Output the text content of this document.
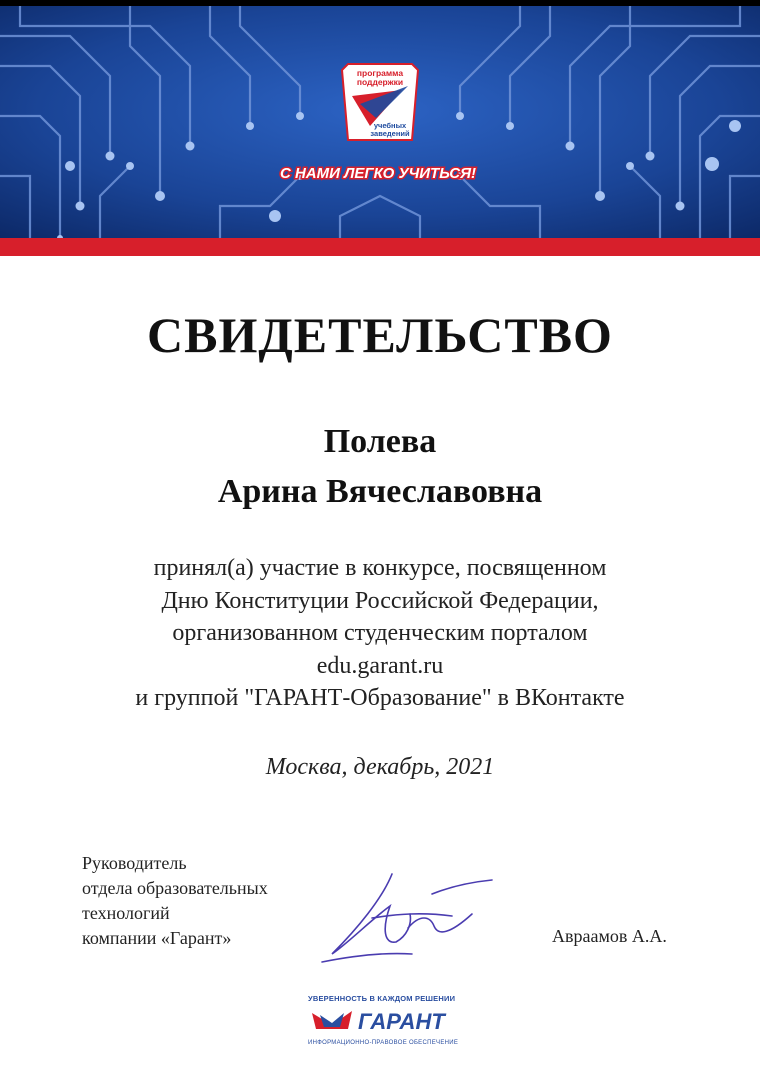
программа
поддержки
учебных
заведений
С НАМИ ЛЕГКО УЧИТЬСЯ!
СВИДЕТЕЛЬСТВО
Полева
Арина Вячеславовна
принял(а) участие в конкурсе, посвященном
Дню Конституции Российской Федерации,
организованном студенческим порталом
edu.garant.ru
и группой "ГАРАНТ-Образование" в ВКонтакте
Москва, декабрь, 2021
Руководитель
отдела образовательных
технологий
компании «Гарант»	Авраамов А.А.
УВЕРЕННОСТЬ В КАЖДОМ РЕШЕНИИ
ГАРАНТ
ИНФОРМАЦИОННО-ПРАВОВОЕ ОБЕСПЕЧЕНИЕ
